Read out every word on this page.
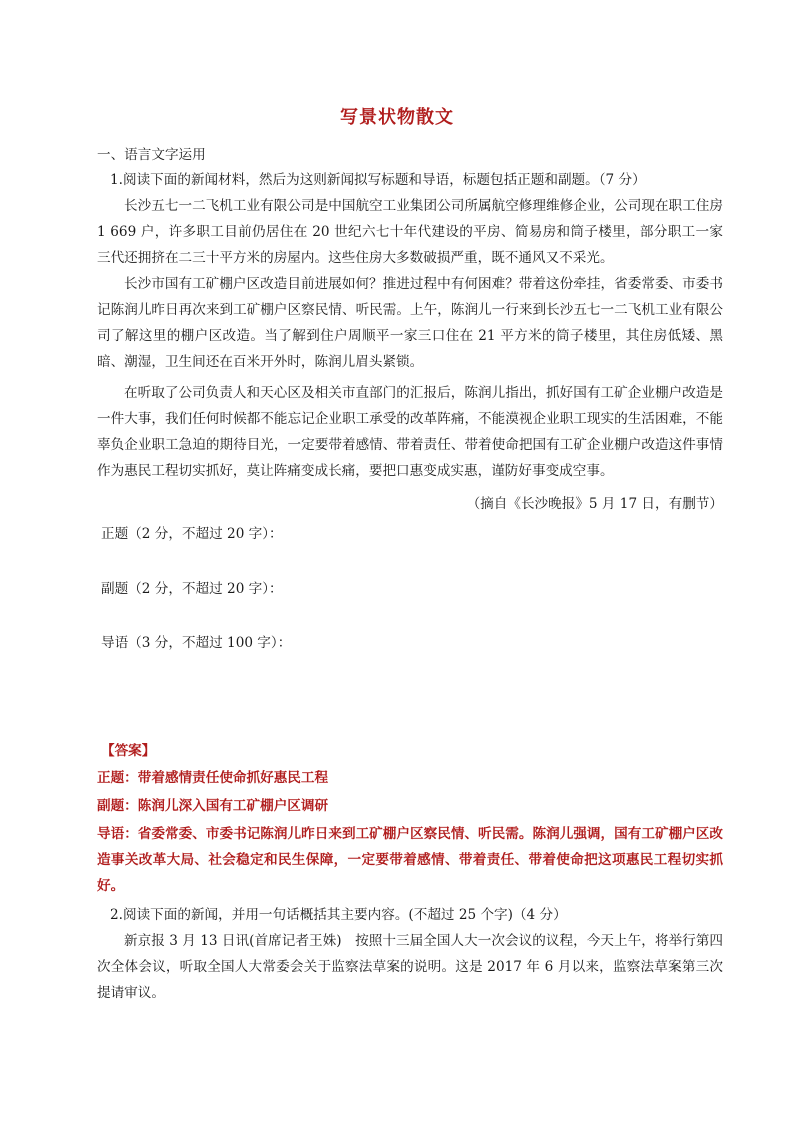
写景状物散文
一、语言文字运用
1.阅读下面的新闻材料，然后为这则新闻拟写标题和导语，标题包括正题和副题。（7 分）
长沙五七一二飞机工业有限公司是中国航空工业集团公司所属航空修理维修企业，公司现在职工住房 1 669 户，许多职工目前仍居住在 20 世纪六七十年代建设的平房、简易房和筒子楼里，部分职工一家三代还拥挤在二三十平方米的房屋内。这些住房大多数破损严重，既不通风又不采光。
长沙市国有工矿棚户区改造目前进展如何？推进过程中有何困难？带着这份牵挂，省委常委、市委书记陈润儿昨日再次来到工矿棚户区察民情、听民需。上午，陈润儿一行来到长沙五七一二飞机工业有限公司了解这里的棚户区改造。当了解到住户周顺平一家三口住在 21 平方米的筒子楼里，其住房低矮、黑暗、潮湿，卫生间还在百米开外时，陈润儿眉头紧锁。
在听取了公司负责人和天心区及相关市直部门的汇报后，陈润儿指出，抓好国有工矿企业棚户改造是一件大事，我们任何时候都不能忘记企业职工承受的改革阵痛，不能漠视企业职工现实的生活困难，不能辜负企业职工急迫的期待目光，一定要带着感情、带着责任、带着使命把国有工矿企业棚户改造这件事情作为惠民工程切实抓好，莫让阵痛变成长痛，要把口惠变成实惠，谨防好事变成空事。
（摘自《长沙晚报》5 月 17 日，有删节）
正题（2 分，不超过 20 字）：
副题（2 分，不超过 20 字）：
导语（3 分，不超过 100 字）：
【答案】
正题：带着感情责任使命抓好惠民工程
副题：陈润儿深入国有工矿棚户区调研
导语：省委常委、市委书记陈润儿昨日来到工矿棚户区察民情、听民需。陈润儿强调，国有工矿棚户区改造事关改革大局、社会稳定和民生保障，一定要带着感情、带着责任、带着使命把这项惠民工程切实抓好。
2.阅读下面的新闻，并用一句话概括其主要内容。(不超过 25 个字)（4 分）
新京报 3 月 13 日讯(首席记者王姝)　按照十三届全国人大一次会议的议程，今天上午，将举行第四次全体会议，听取全国人大常委会关于监察法草案的说明。这是 2017 年 6 月以来，监察法草案第三次提请审议。
